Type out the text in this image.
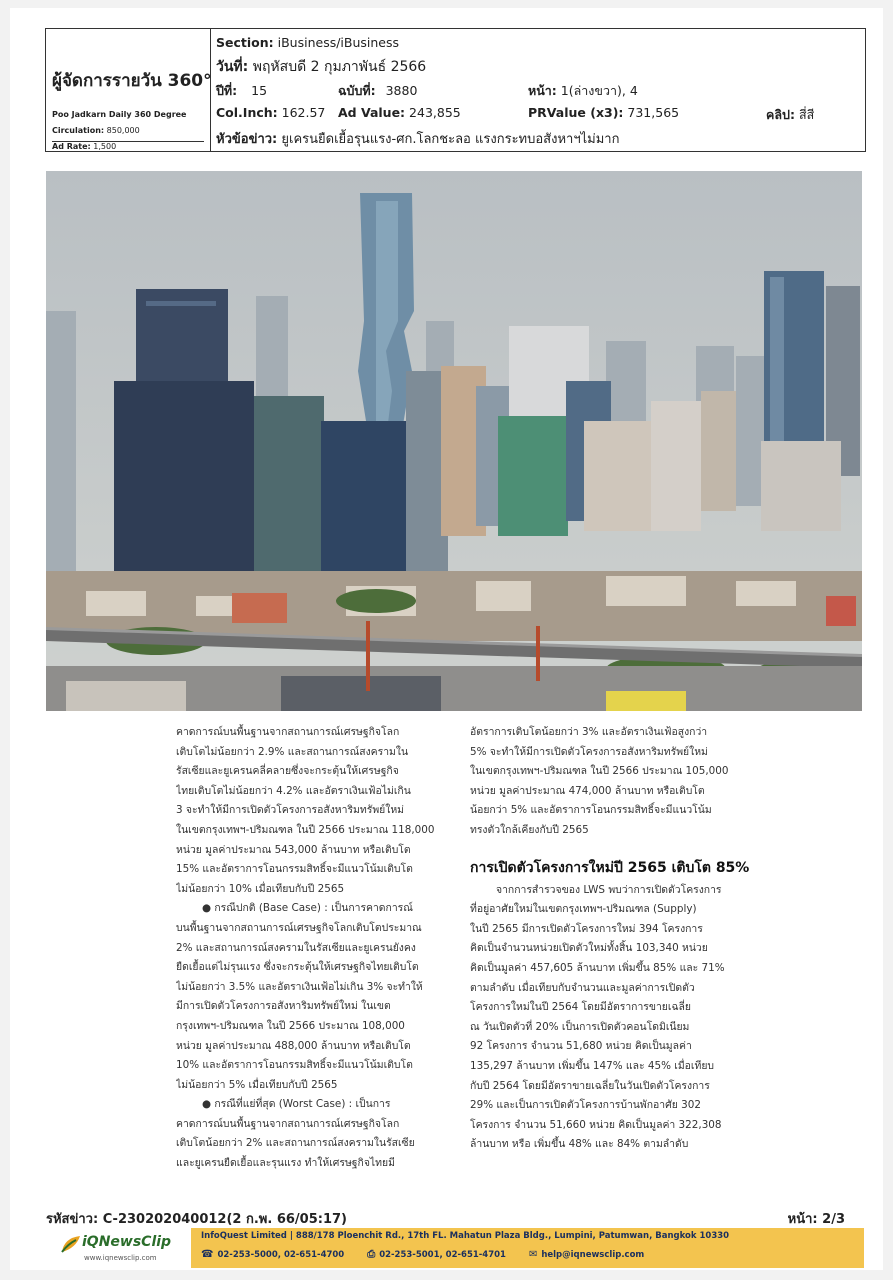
ผู้จัดการรายวัน 360°
Poo Jadkarn Daily 360 Degree
Circulation: 850,000
Ad Rate: 1,500
Section: iBusiness/iBusiness
วันที่: พฤหัสบดี 2 กุมภาพันธ์ 2566
ปีที่: 15	ฉบับที่: 3880	หน้า: 1(ล่างขวา), 4
Col.Inch: 162.57 Ad Value: 243,855	PRValue (x3): 731,565	คลิป: สี่สี
หัวข้อข่าว: ยูเครนยืดเยื้อรุนแรง-ศก.โลกชะลอ แรงกระทบอสังหาฯไม่มาก
คาดการณ์บนพื้นฐานจากสถานการณ์เศรษฐกิจโลก
เติบโตไม่น้อยกว่า 2.9% และสถานการณ์สงครามใน
รัสเซียและยูเครนคลี่คลายซึ่งจะกระตุ้นให้เศรษฐกิจ
ไทยเติบโตไม่น้อยกว่า 4.2% และอัตราเงินเฟ้อไม่เกิน
3 จะทำให้มีการเปิดตัวโครงการอสังหาริมทรัพย์ใหม่
ในเขตกรุงเทพฯ-ปริมณฑล ในปี 2566 ประมาณ 118,000
หน่วย มูลค่าประมาณ 543,000 ล้านบาท หรือเติบโต
15% และอัตราการโอนกรรมสิทธิ์จะมีแนวโน้มเติบโต
ไม่น้อยกว่า 10% เมื่อเทียบกับปี 2565
● กรณีปกติ (Base Case) : เป็นการคาดการณ์
บนพื้นฐานจากสถานการณ์เศรษฐกิจโลกเติบโตประมาณ
2% และสถานการณ์สงครามในรัสเซียและยูเครนยังคง
ยืดเยื้อแต่ไม่รุนแรง ซึ่งจะกระตุ้นให้เศรษฐกิจไทยเติบโต
ไม่น้อยกว่า 3.5% และอัตราเงินเฟ้อไม่เกิน 3% จะทำให้
มีการเปิดตัวโครงการอสังหาริมทรัพย์ใหม่ ในเขต
กรุงเทพฯ-ปริมณฑล ในปี 2566 ประมาณ 108,000
หน่วย มูลค่าประมาณ 488,000 ล้านบาท หรือเติบโต
10% และอัตราการโอนกรรมสิทธิ์จะมีแนวโน้มเติบโต
ไม่น้อยกว่า 5% เมื่อเทียบกับปี 2565
● กรณีที่แย่ที่สุด (Worst Case) : เป็นการ
คาดการณ์บนพื้นฐานจากสถานการณ์เศรษฐกิจโลก
เติบโตน้อยกว่า 2% และสถานการณ์สงครามในรัสเซีย
และยูเครนยืดเยื้อและรุนแรง ทำให้เศรษฐกิจไทยมี
อัตราการเติบโตน้อยกว่า 3% และอัตราเงินเฟ้อสูงกว่า
5% จะทำให้มีการเปิดตัวโครงการอสังหาริมทรัพย์ใหม่
ในเขตกรุงเทพฯ-ปริมณฑล ในปี 2566 ประมาณ 105,000
หน่วย มูลค่าประมาณ 474,000 ล้านบาท หรือเติบโต
น้อยกว่า 5% และอัตราการโอนกรรมสิทธิ์จะมีแนวโน้ม
ทรงตัวใกล้เคียงกับปี 2565
การเปิดตัวโครงการใหม่ปี 2565 เติบโต 85%
จากการสำรวจของ LWS พบว่าการเปิดตัวโครงการ
ที่อยู่อาศัยใหม่ในเขตกรุงเทพฯ-ปริมณฑล (Supply)
ในปี 2565 มีการเปิดตัวโครงการใหม่ 394 โครงการ
คิดเป็นจำนวนหน่วยเปิดตัวใหม่ทั้งสิ้น 103,340 หน่วย
คิดเป็นมูลค่า 457,605 ล้านบาท เพิ่มขึ้น 85% และ 71%
ตามลำดับ เมื่อเทียบกับจำนวนและมูลค่าการเปิดตัว
โครงการใหม่ในปี 2564 โดยมีอัตราการขายเฉลี่ย
ณ วันเปิดตัวที่ 20% เป็นการเปิดตัวคอนโดมิเนียม
92 โครงการ จำนวน 51,680 หน่วย คิดเป็นมูลค่า
135,297 ล้านบาท เพิ่มขึ้น 147% และ 45% เมื่อเทียบ
กับปี 2564 โดยมีอัตราขายเฉลี่ยในวันเปิดตัวโครงการ
29% และเป็นการเปิดตัวโครงการบ้านพักอาศัย 302
โครงการ จำนวน 51,660 หน่วย คิดเป็นมูลค่า 322,308
ล้านบาท หรือ เพิ่มขึ้น 48% และ 84% ตามลำดับ
รหัสข่าว: C-230202040012(2 ก.พ. 66/05:17)	หน้า: 2/3
iQNewsClip
www.iqnewsclip.com
InfoQuest Limited | 888/178 Ploenchit Rd., 17th FL. Mahatun Plaza Bldg., Lumpini, Patumwan, Bangkok 10330
☎ 02-253-5000, 02-651-4700 ⎙ 02-253-5001, 02-651-4701 ✉ help@iqnewsclip.com
